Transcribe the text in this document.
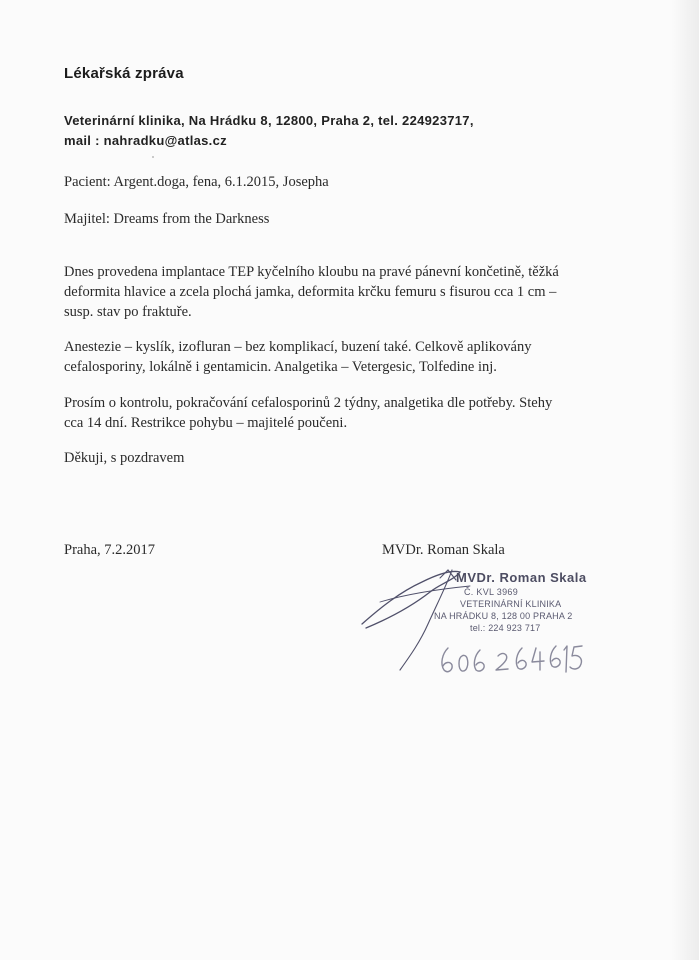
Lékařská zpráva
Veterinární klinika, Na Hrádku 8, 12800, Praha 2, tel. 224923717,
mail : nahradku@atlas.cz
Pacient: Argent.doga, fena, 6.1.2015, Josepha
Majitel: Dreams from the Darkness
Dnes provedena implantace TEP kyčelního kloubu na pravé pánevní končetině, těžká
deformita hlavice a zcela plochá jamka, deformita krčku femuru s fisurou cca 1 cm –
susp. stav po fraktuře.
Anestezie – kyslík, izofluran – bez komplikací, buzení také. Celkově aplikovány
cefalosporiny, lokálně i gentamicin. Analgetika – Vetergesic, Tolfedine inj.
Prosím o kontrolu, pokračování cefalosporinů 2 týdny, analgetika dle potřeby. Stehy
cca 14 dní. Restrikce pohybu – majitelé poučeni.
Děkuji, s pozdravem
Praha, 7.2.2017	MVDr. Roman Skala
MVDr. Roman Skala
Č. KVL 3969
VETERINÁRNÍ KLINIKA
NA HRÁDKU 8, 128 00 PRAHA 2
tel.: 224 923 717
